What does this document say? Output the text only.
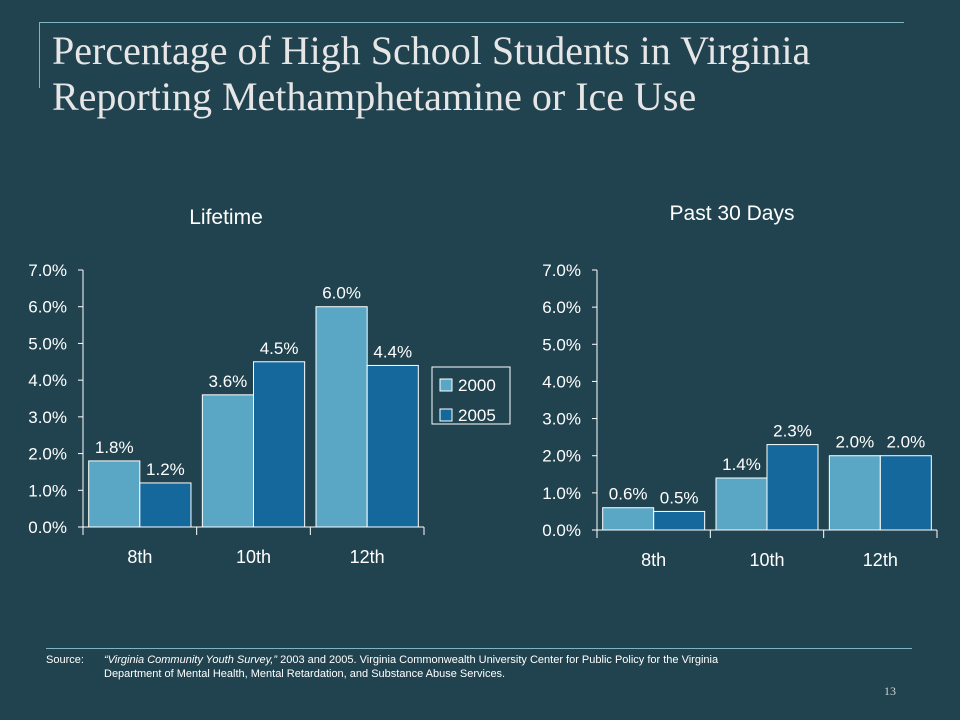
Percentage of High School Students in Virginia
Reporting Methamphetamine or Ice Use
Lifetime
0.0%
1.0%
2.0%
3.0%
4.0%
5.0%
6.0%
7.0%
8th	10th	12th
1.8%
3.6%
6.0%
1.2%
4.5%	4.4%
2000
2005
Past 30 Days
0.0%
1.0%
2.0%
3.0%
4.0%
5.0%
6.0%
7.0%
8th	10th	12th
0.6%
1.4%
2.0%
0.5%
2.3%
2.0%
Source: “Virginia Community Youth Survey,” 2003 and 2005. Virginia Commonwealth University Center for Public Policy for the Virginia
Department of Mental Health, Mental Retardation, and Substance Abuse Services.
13
